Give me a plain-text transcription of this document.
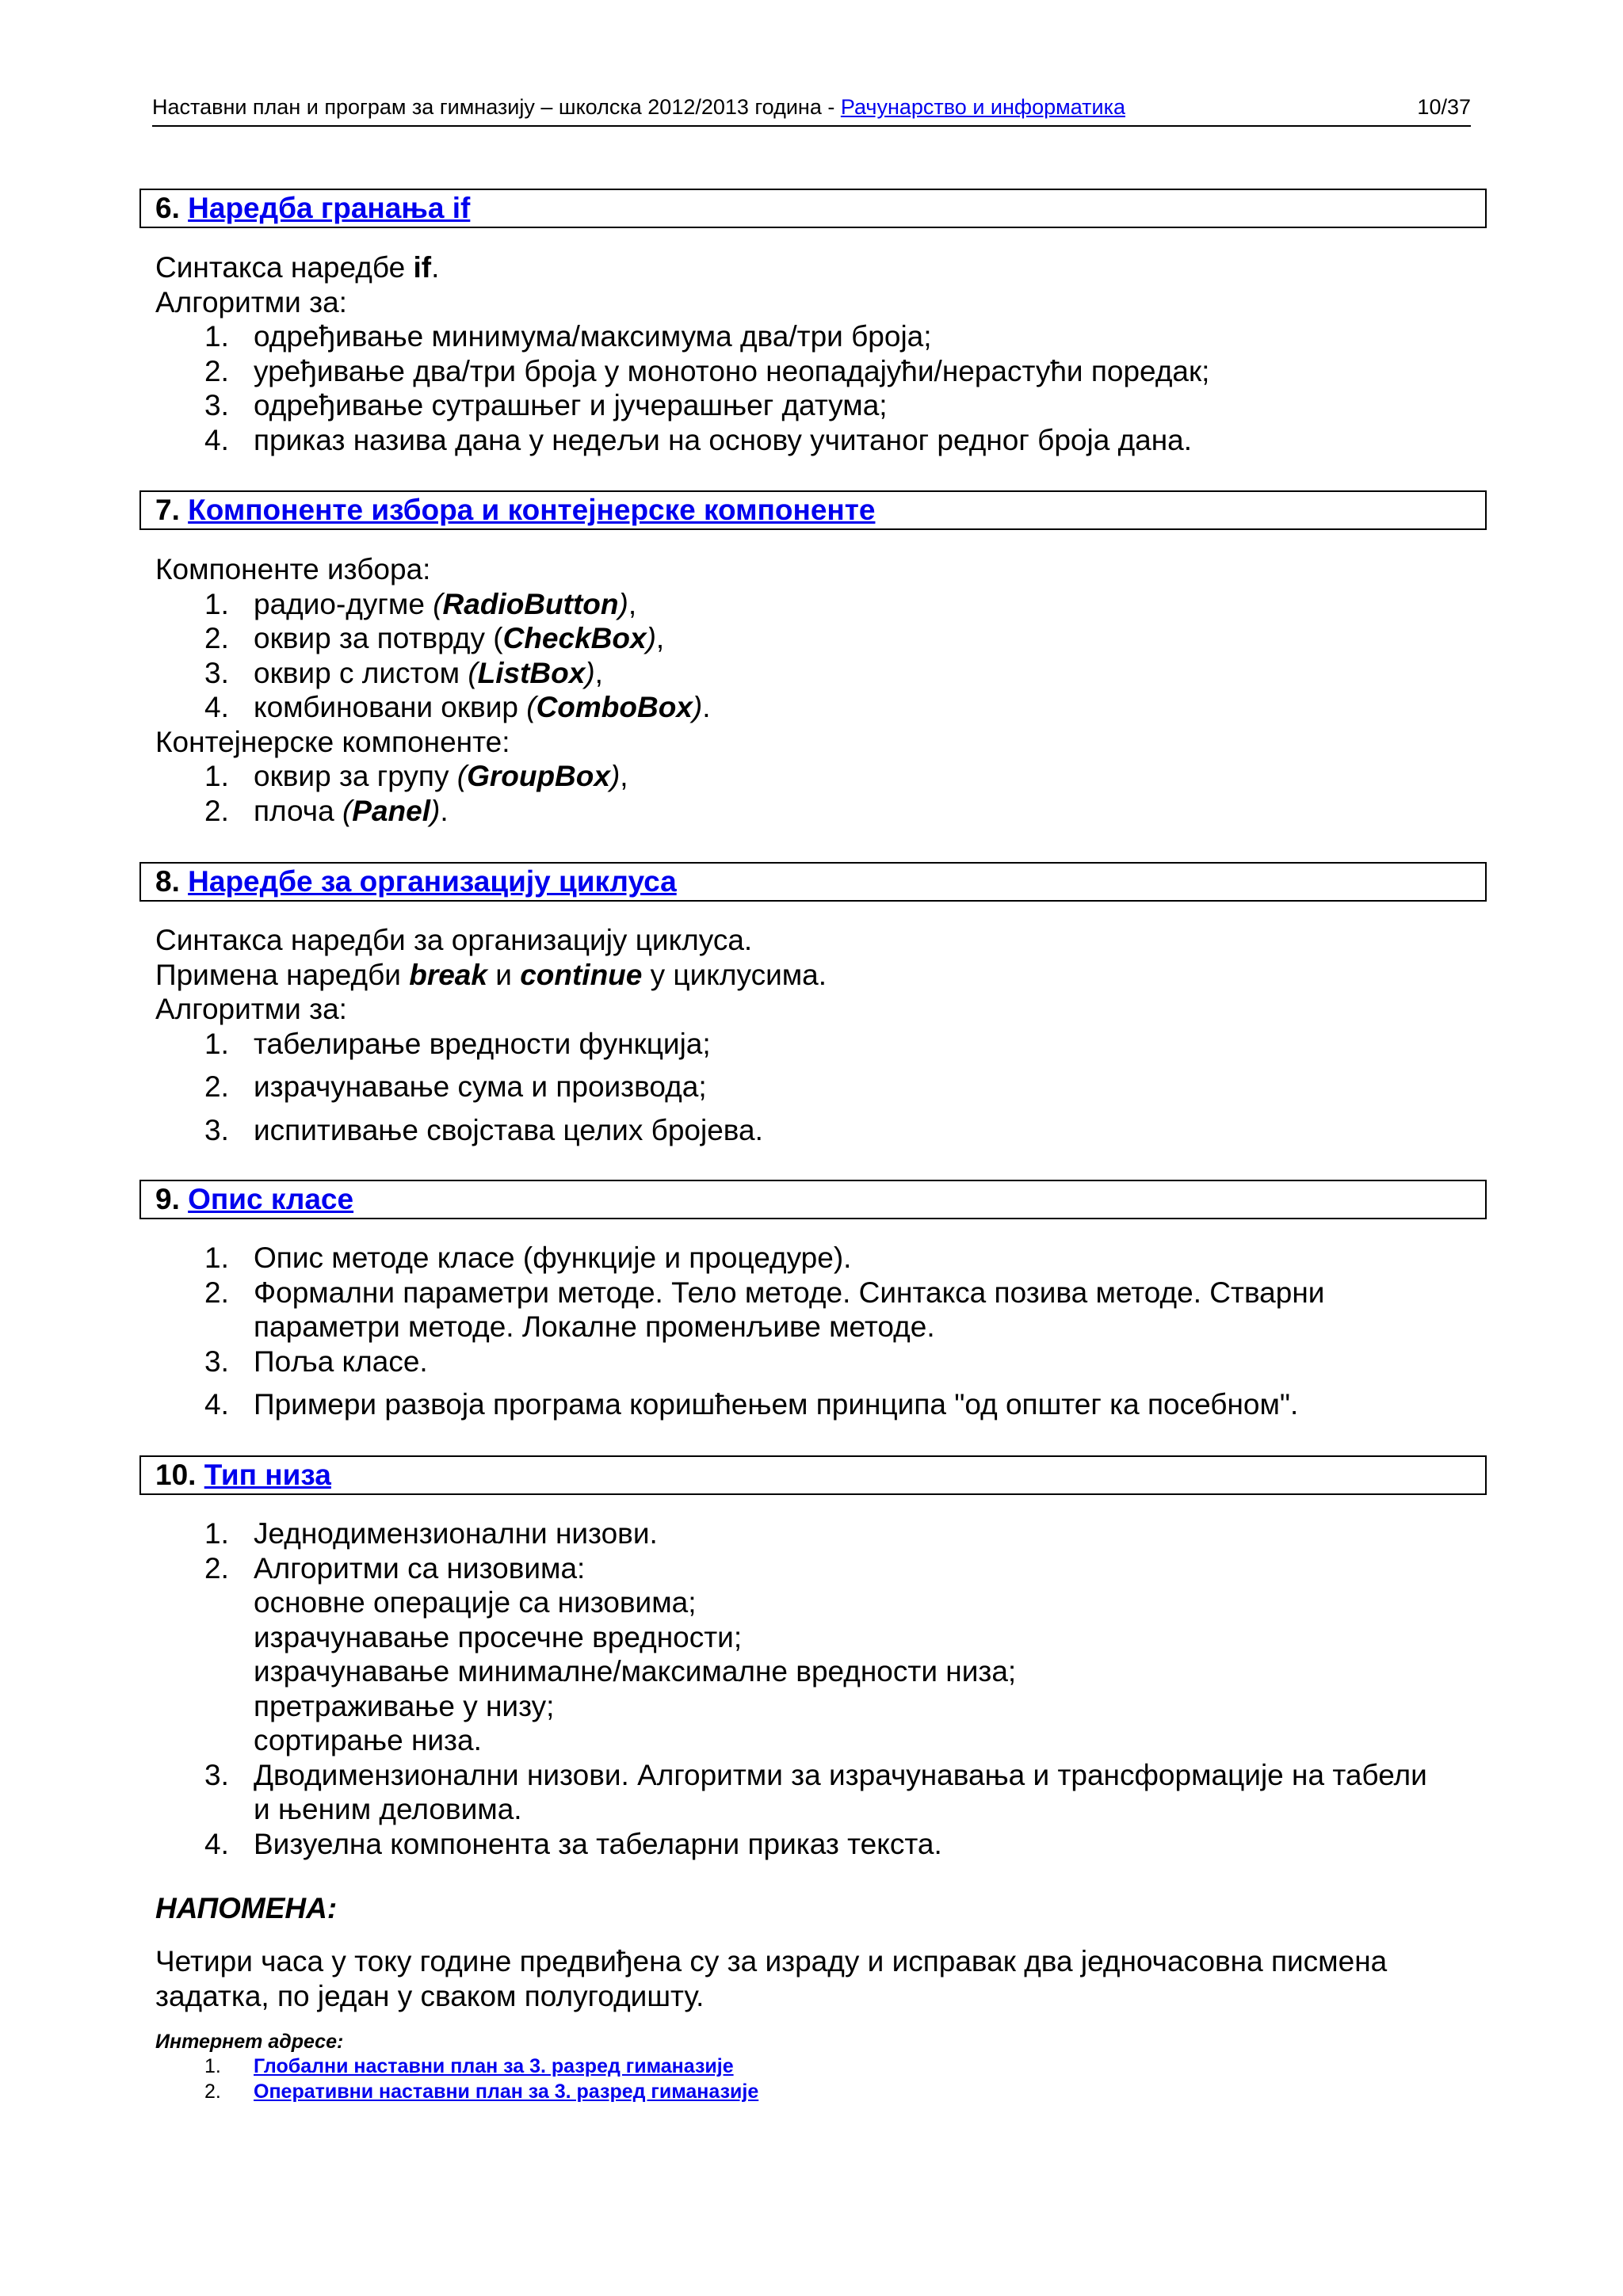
Наставни план и програм за гимназију – школска 2012/2013 година - Рачунарство и информатика	10/37
6. Наредба гранања if
Синтакса наредбе if.
Алгоритми за:
1. одређивање минимума/максимума два/три броја;
2. уређивање два/три броја у монотоно неопадајући/нерастући поредак;
3. одређивање сутрашњег и јучерашњег датума;
4. приказ назива дана у недељи на основу учитаног редног броја дана.
7. Компоненте избора и контејнерске компоненте
Компоненте избора:
1. радио-дугме (RadioButton),
2. оквир за потврду (CheckBox),
3. оквир с листом (ListBox),
4. комбиновани оквир (ComboBox).
Контејнерске компоненте:
1. оквир за групу (GroupBox),
2. плоча (Panel).
8. Наредбе за организацију циклуса
Синтакса наредби за организацију циклуса.
Примена наредби break и continue у циклусима.
Алгоритми за:
1. табелирање вредности функција;
2. израчунавање сума и производа;
3. испитивање својстава целих бројева.
9. Опис класе
1. Опис методе класе (функције и процедуре).
2. Формални параметри методе. Тело методе. Синтакса позива методе. Стварни
параметри методе. Локалне променљиве методе.
3. Поља класе.
4. Примери развоја програма коришћењем принципа "од општег ка посебном".
10. Тип низа
1. Једнодимензионални низови.
2. Алгоритми са низовима:
основне операције са низовима;
израчунавање просечне вредности;
израчунавање минималне/максималне вредности низа;
претраживање у низу;
сортирање низа.
3. Дводимензионални низови. Алгоритми за израчунавања и трансформације на табели
и њеним деловима.
4. Визуелна компонента за табеларни приказ текста.
НАПОМЕНА:
Четири часа у току године предвиђена су за израду и исправак два једночасовна писмена
задатка, по један у сваком полугодишту.
Интернет адресе:
1. Глобални наставни план за 3. разред гиманазије
2. Оперативни наставни план за 3. разред гиманазије
